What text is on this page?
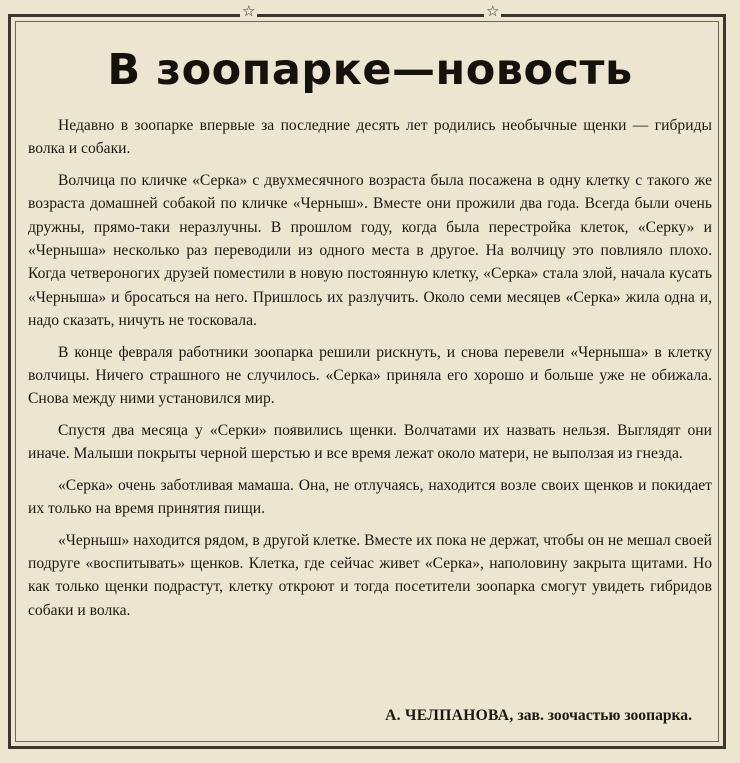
☆	☆
В зоопарке—новость

Недавно в зоопарке впервые за последние десять лет родились необычные щенки — гибриды волка и собаки.

Волчица по кличке «Серка» с двухмесячного возраста была посажена в одну клетку с такого же возраста домашней собакой по кличке «Черныш». Вместе они прожили два года. Всегда были очень дружны, прямо-таки неразлучны. В прошлом году, когда была перестройка клеток, «Серку» и «Черныша» несколько раз переводили из одного места в другое. На волчицу это повлияло плохо. Когда четвероногих друзей поместили в новую постоянную клетку, «Серка» стала злой, начала кусать «Черныша» и бросаться на него. Пришлось их разлучить. Около семи месяцев «Серка» жила одна и, надо сказать, ничуть не тосковала.

В конце февраля работники зоопарка решили рискнуть, и снова перевели «Черныша» в клетку волчицы. Ничего страшного не случилось. «Серка» приняла его хорошо и больше уже не обижала. Снова между ними установился мир.

Спустя два месяца у «Серки» появились щенки. Волчатами их назвать нельзя. Выглядят они иначе. Малыши покрыты черной шерстью и все время лежат около матери, не выползая из гнезда.

«Серка» очень заботливая мамаша. Она, не отлучаясь, находится возле своих щенков и покидает их только на время принятия пищи.

«Черныш» находится рядом, в другой клетке. Вместе их пока не держат, чтобы он не мешал своей подруге «воспитывать» щенков. Клетка, где сейчас живет «Серка», наполовину закрыта щитами. Но как только щенки подрастут, клетку откроют и тогда посетители зоопарка смогут увидеть гибридов собаки и волка.

А. ЧЕЛПАНОВА, зав. зоочастью зоопарка.
